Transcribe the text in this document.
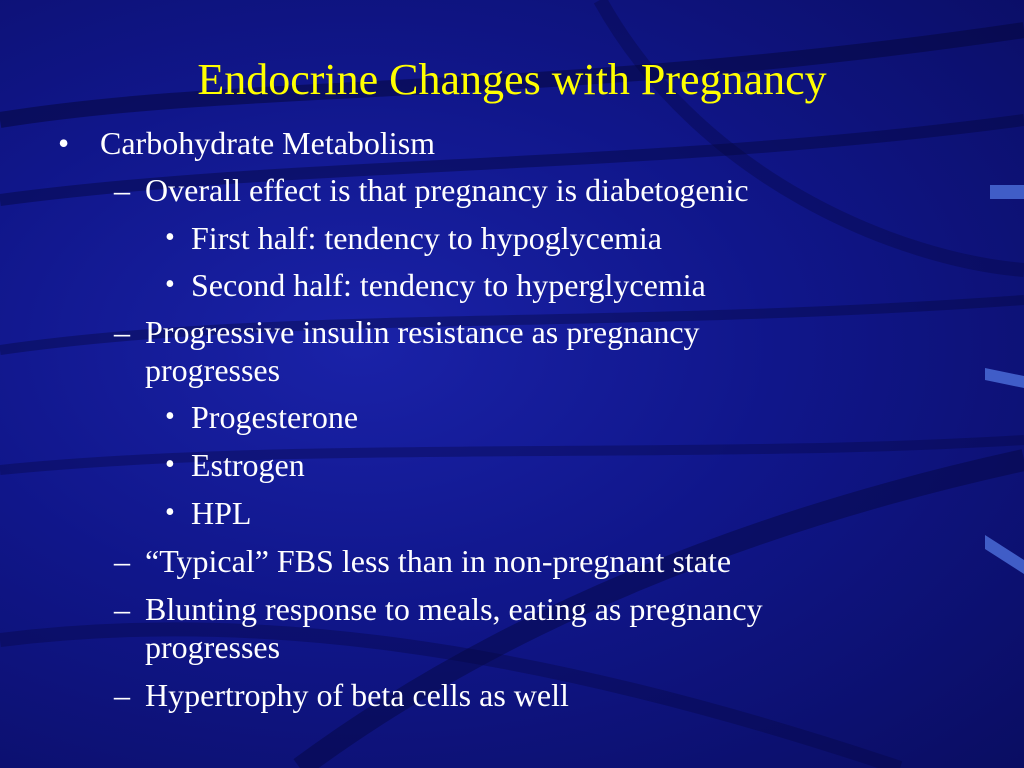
Endocrine Changes with Pregnancy
• Carbohydrate Metabolism
– Overall effect is that pregnancy is diabetogenic
• First half: tendency to hypoglycemia
• Second half: tendency to hyperglycemia
– Progressive insulin resistance as pregnancy
progresses
• Progesterone
• Estrogen
• HPL
– “Typical” FBS less than in non-pregnant state
– Blunting response to meals, eating as pregnancy
progresses
– Hypertrophy of beta cells as well
